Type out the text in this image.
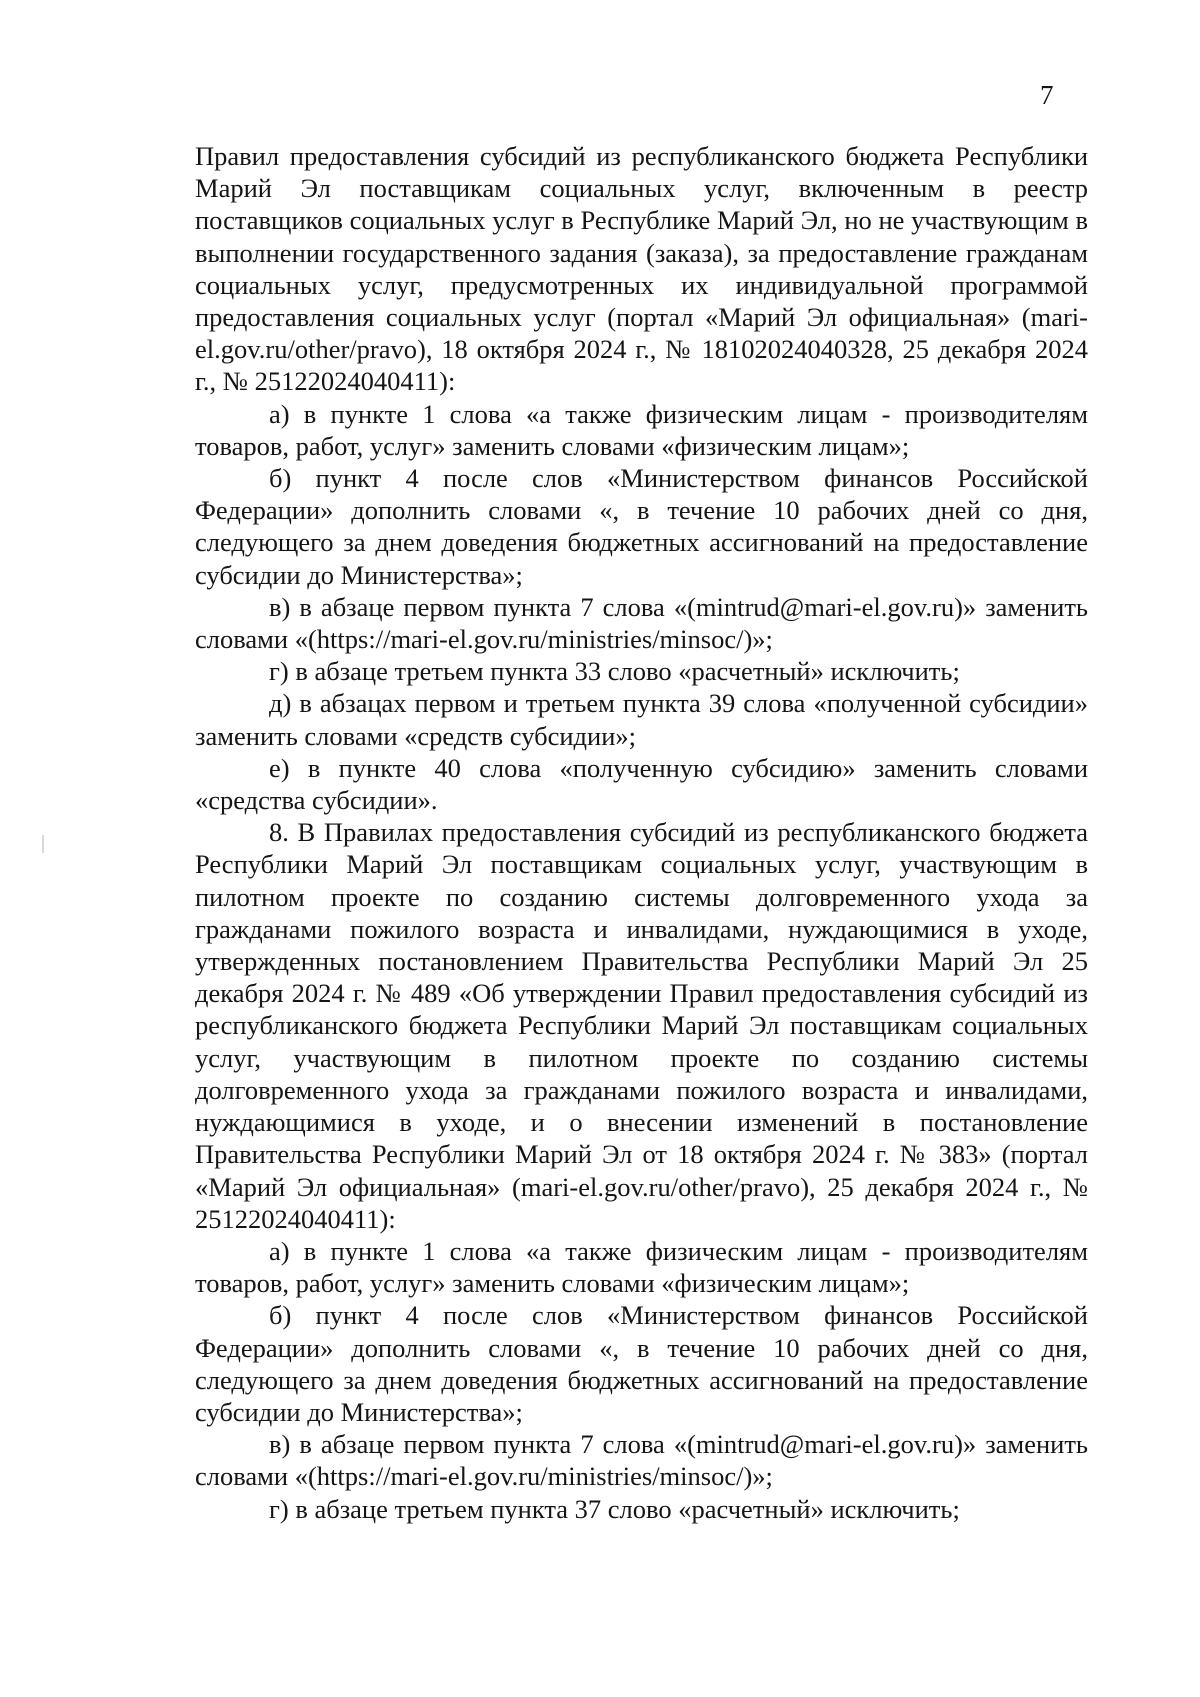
7

Правил предоставления субсидий из республиканского бюджета Республики Марий Эл поставщикам социальных услуг, включенным в реестр поставщиков социальных услуг в Республике Марий Эл, но не участвующим в выполнении государственного задания (заказа), за предоставление гражданам социальных услуг, предусмотренных их индивидуальной программой предоставления социальных услуг (портал «Марий Эл официальная» (mari-el.gov.ru/other/pravo), 18 октября 2024 г., № 18102024040328, 25 декабря 2024 г., № 25122024040411):

а) в пункте 1 слова «а также физическим лицам - производителям товаров, работ, услуг» заменить словами «физическим лицам»;

б) пункт 4 после слов «Министерством финансов Российской Федерации» дополнить словами «, в течение 10 рабочих дней со дня, следующего за днем доведения бюджетных ассигнований на предоставление субсидии до Министерства»;

в) в абзаце первом пункта 7 слова «(mintrud@mari-el.gov.ru)» заменить словами «(https://mari-el.gov.ru/ministries/minsoc/)»;

г) в абзаце третьем пункта 33 слово «расчетный» исключить;

д) в абзацах первом и третьем пункта 39 слова «полученной субсидии» заменить словами «средств субсидии»;

е) в пункте 40 слова «полученную субсидию» заменить словами «средства субсидии».

8. В Правилах предоставления субсидий из республиканского бюджета Республики Марий Эл поставщикам социальных услуг, участвующим в пилотном проекте по созданию системы долговременного ухода за гражданами пожилого возраста и инвалидами, нуждающимися в уходе, утвержденных постановлением Правительства Республики Марий Эл 25 декабря 2024 г. № 489 «Об утверждении Правил предоставления субсидий из республиканского бюджета Республики Марий Эл поставщикам социальных услуг, участвующим в пилотном проекте по созданию системы долговременного ухода за гражданами пожилого возраста и инвалидами, нуждающимися в уходе, и о внесении изменений в постановление Правительства Республики Марий Эл от 18 октября 2024 г. № 383» (портал «Марий Эл официальная» (mari-el.gov.ru/other/pravo), 25 декабря 2024 г., № 25122024040411):

а) в пункте 1 слова «а также физическим лицам - производителям товаров, работ, услуг» заменить словами «физическим лицам»;

б) пункт 4 после слов «Министерством финансов Российской Федерации» дополнить словами «, в течение 10 рабочих дней со дня, следующего за днем доведения бюджетных ассигнований на предоставление субсидии до Министерства»;

в) в абзаце первом пункта 7 слова «(mintrud@mari-el.gov.ru)» заменить словами «(https://mari-el.gov.ru/ministries/minsoc/)»;

г) в абзаце третьем пункта 37 слово «расчетный» исключить;
